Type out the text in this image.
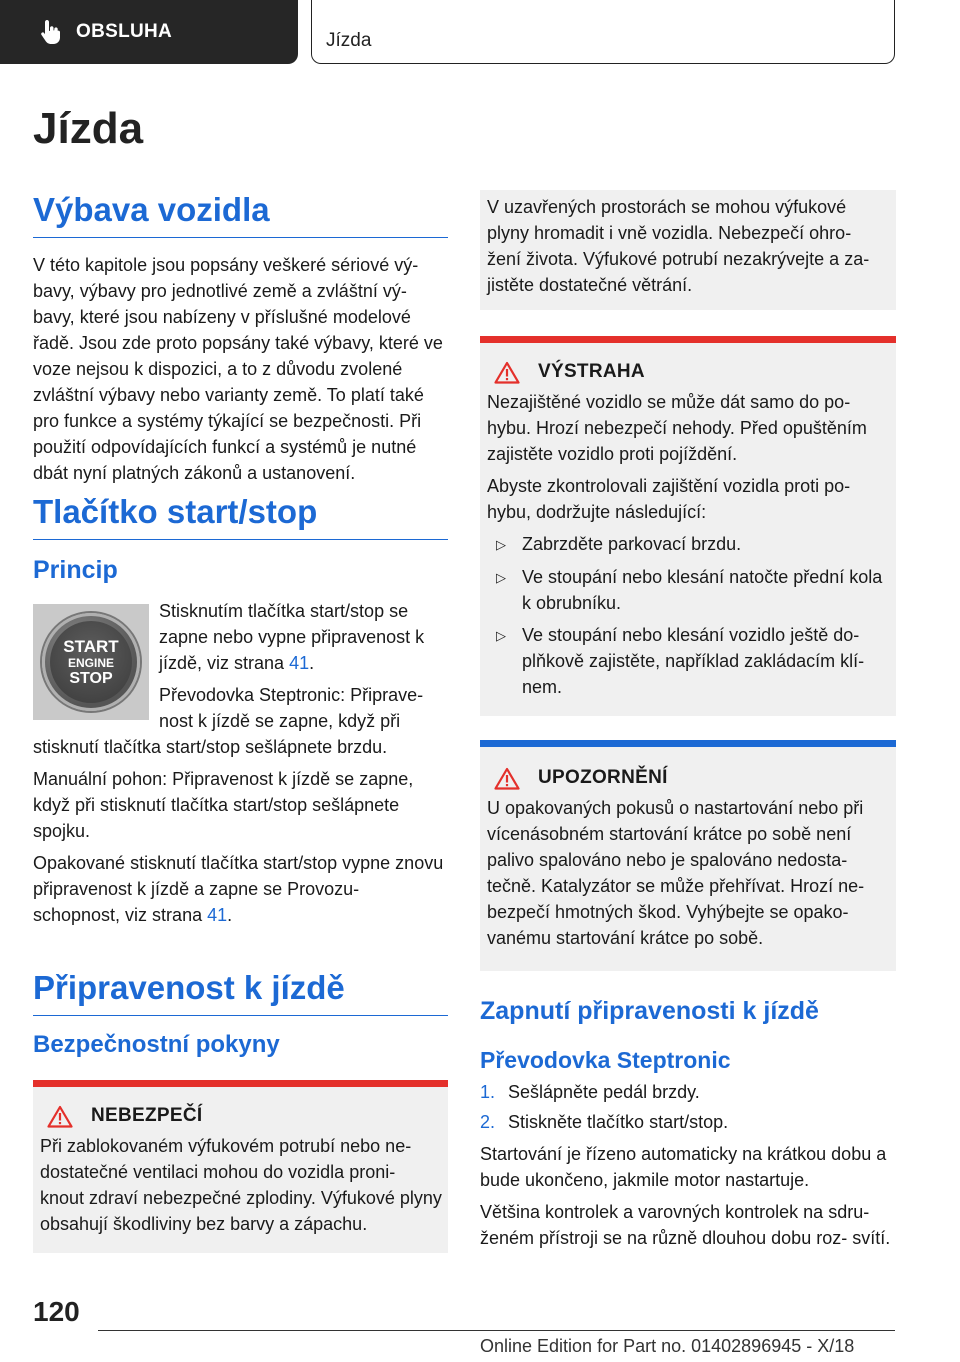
OBSLUHA	Jízda
Jízda
Výbava vozidla

V této kapitole jsou popsány veškeré sériové vý- bavy, výbavy pro jednotlivé země a zvláštní vý- bavy, které jsou nabízeny v příslušné modelové řadě. Jsou zde proto popsány také výbavy, které ve voze nejsou k dispozici, a to z důvodu zvolené zvláštní výbavy nebo varianty země. To platí také pro funkce a systémy týkající se bezpečnosti. Při použití odpovídajících funkcí a systémů je nutné dbát nyní platných zákonů a ustanovení.

Tlačítko start/stop
Princip
START
ENGINE
STOP

Stisknutím tlačítka start/stop se zapne nebo vypne připravenost k jízdě, viz strana 41.

Převodovka Steptronic: Připrave- nost k jízdě se zapne, když při stisknutí tlačítka start/stop sešlápnete brzdu.

Manuální pohon: Připravenost k jízdě se zapne, když při stisknutí tlačítka start/stop sešlápnete spojku.

Opakované stisknutí tlačítka start/stop vypne znovu připravenost k jízdě a zapne se Provozu- schopnost, viz strana 41.

Připravenost k jízdě
Bezpečnostní pokyny
NEBEZPEČÍ

Při zablokovaném výfukovém potrubí nebo ne- dostatečné ventilaci mohou do vozidla proni- knout zdraví nebezpečné zplodiny. Výfukové plyny obsahují škodliviny bez barvy a zápachu.

V uzavřených prostorách se mohou výfukové plyny hromadit i vně vozidla. Nebezpečí ohro- žení života. Výfukové potrubí nezakrývejte a za- jistěte dostatečné větrání.

VÝSTRAHA

Nezajištěné vozidlo se může dát samo do po- hybu. Hrozí nebezpečí nehody. Před opuštěním zajistěte vozidlo proti pojíždění.

Abyste zkontrolovali zajištění vozidla proti po- hybu, dodržujte následující:

▷ Zabrzděte parkovací brzdu.
▷ Ve stoupání nebo klesání natočte přední kola k obrubníku.
▷ Ve stoupání nebo klesání vozidlo ještě do- plňkově zajistěte, například zakládacím klí- nem.
UPOZORNĚNÍ

U opakovaných pokusů o nastartování nebo při vícenásobném startování krátce po sobě není palivo spalováno nebo je spalováno nedosta- tečně. Katalyzátor se může přehřívat. Hrozí ne- bezpečí hmotných škod. Vyhýbejte se opako- vanému startování krátce po sobě.

Zapnutí připravenosti k jízdě
Převodovka Steptronic
1. Sešlápněte pedál brzdy.
2. Stiskněte tlačítko start/stop.

Startování je řízeno automaticky na krátkou dobu a bude ukončeno, jakmile motor nastartuje.

Většina kontrolek a varovných kontrolek na sdru- ženém přístroji se na různě dlouhou dobu roz- svítí.

120
Online Edition for Part no. 01402896945 - X/18
